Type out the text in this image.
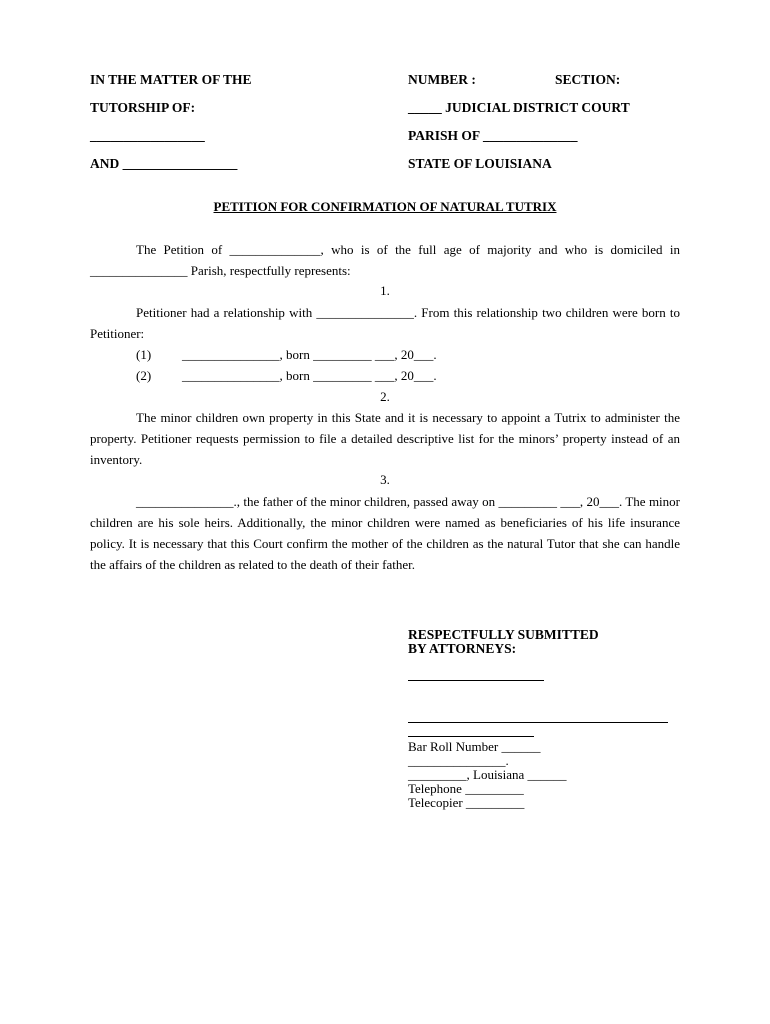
IN THE MATTER OF THE	NUMBER :	SECTION:
TUTORSHIP OF:	_____ JUDICIAL DISTRICT COURT
_________________	PARISH OF ______________
AND _________________	STATE OF LOUISIANA
PETITION FOR CONFIRMATION OF NATURAL TUTRIX
The Petition of ______________, who is of the full age of majority and who is domiciled in _______________ Parish, respectfully represents:
1.
Petitioner had a relationship with _______________. From this relationship two children were born to Petitioner:
(1) _______________, born _________ ___, 20___.
(2) _______________, born _________ ___, 20___.
2.
The minor children own property in this State and it is necessary to appoint a Tutrix to administer the property. Petitioner requests permission to file a detailed descriptive list for the minors’ property instead of an inventory.
3.
_______________., the father of the minor children, passed away on _________ ___, 20___. The minor children are his sole heirs. Additionally, the minor children were named as beneficiaries of his life insurance policy. It is necessary that this Court confirm the mother of the children as the natural Tutor that she can handle the affairs of the children as related to the death of their father.
RESPECTFULLY SUBMITTED
BY ATTORNEYS:
Bar Roll Number ______
_______________.
_________, Louisiana ______
Telephone _________
Telecopier _________
